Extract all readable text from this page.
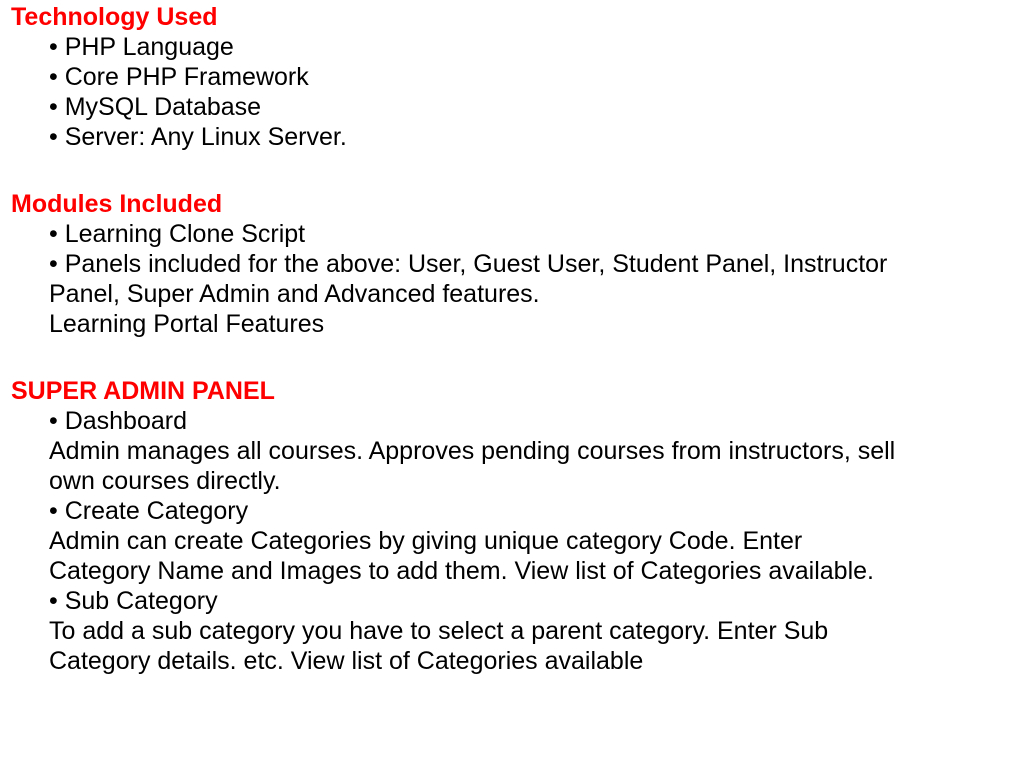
Technology Used

• PHP Language

• Core PHP Framework

• MySQL Database

• Server: Any Linux Server.

Modules Included

• Learning Clone Script

• Panels included for the above: User, Guest User, Student Panel, Instructor

Panel, Super Admin and Advanced features.

Learning Portal Features

SUPER ADMIN PANEL

• Dashboard

Admin manages all courses. Approves pending courses from instructors, sell

own courses directly.

• Create Category

Admin can create Categories by giving unique category Code. Enter

Category Name and Images to add them. View list of Categories available.

• Sub Category

To add a sub category you have to select a parent category. Enter Sub

Category details. etc. View list of Categories available
